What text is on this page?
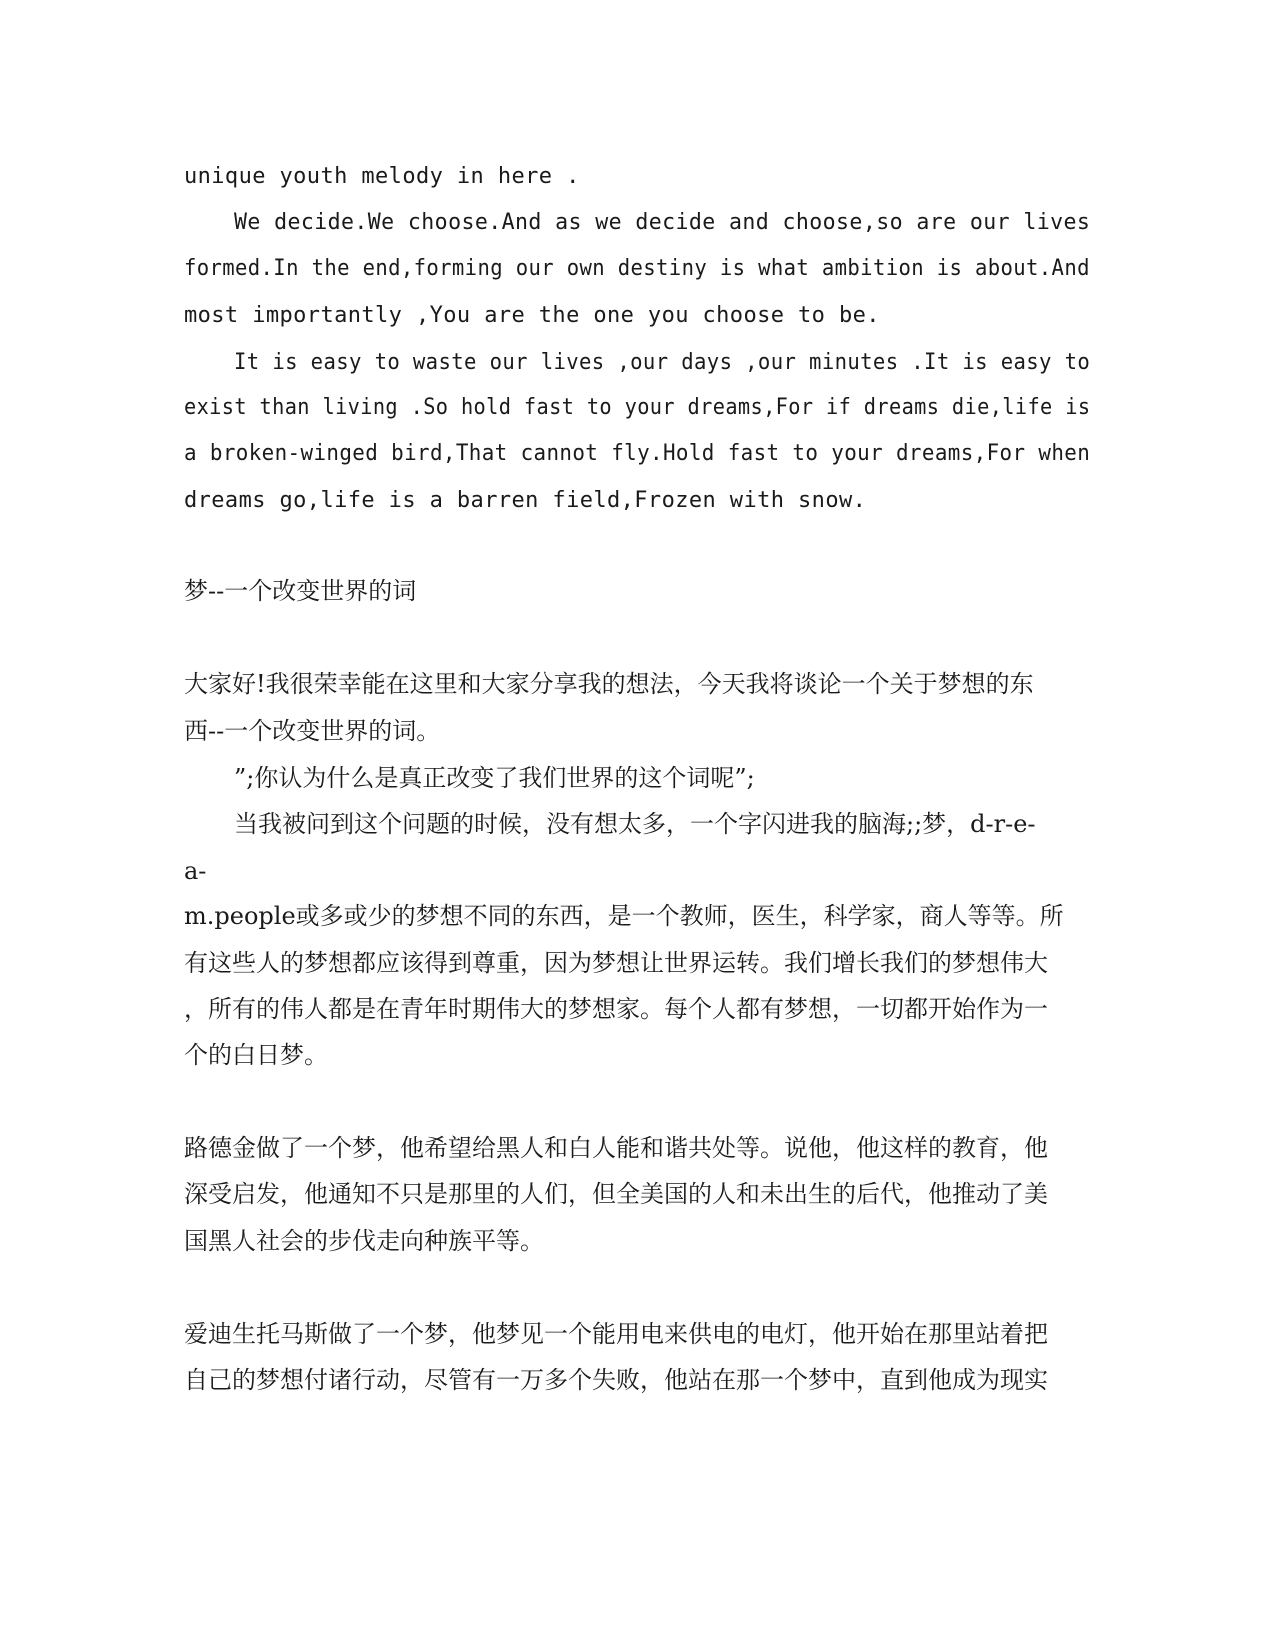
unique youth melody in here .
We decide.We choose.And as we decide and choose,so are our lives
formed.In the end,forming our own destiny is what ambition is about.And
most importantly ,You are the one you choose to be.
It is easy to waste our lives ,our days ,our minutes .It is easy to
exist than living .So hold fast to your dreams,For if dreams die,life is
a broken-winged bird,That cannot fly.Hold fast to your dreams,For when
dreams go,life is a barren field,Frozen with snow.
梦--一个改变世界的词
大家好!我很荣幸能在这里和大家分享我的想法，今天我将谈论一个关于梦想的东
西--一个改变世界的词。
”;你认为什么是真正改变了我们世界的这个词呢”;
当我被问到这个问题的时候，没有想太多，一个字闪进我的脑海;;梦，d-r-e-
a-
m.people或多或少的梦想不同的东西，是一个教师，医生，科学家，商人等等。所
有这些人的梦想都应该得到尊重，因为梦想让世界运转。我们增长我们的梦想伟大
，所有的伟人都是在青年时期伟大的梦想家。每个人都有梦想，一切都开始作为一
个的白日梦。
路德金做了一个梦，他希望给黑人和白人能和谐共处等。说他，他这样的教育，他
深受启发，他通知不只是那里的人们，但全美国的人和未出生的后代，他推动了美
国黑人社会的步伐走向种族平等。
爱迪生托马斯做了一个梦，他梦见一个能用电来供电的电灯，他开始在那里站着把
自己的梦想付诸行动，尽管有一万多个失败，他站在那一个梦中，直到他成为现实
